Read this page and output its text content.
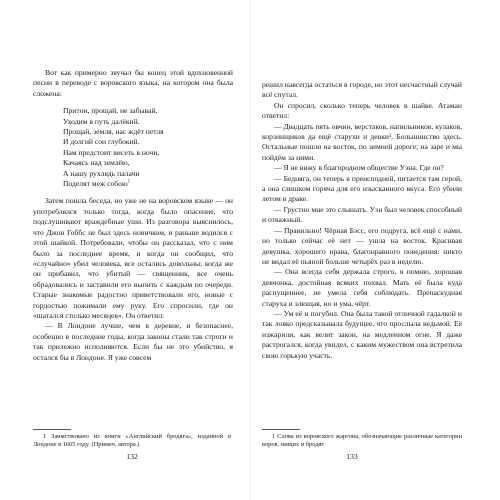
Вот как примерно звучал бы конец этой вдохновенной песни в переводе с воровского языка, на котором она была сложена:

Притон, прощай, не забывай,
Уходим в путь далёкий.
Прощай, земля, нас ждёт петля
И долгий сон глубокий.
Нам предстоит висеть в ночи,
Качаясь над землёю,
А нашу рухлядь палачи
Поделят меж собою$^1$

Затем пошла беседа, но уже не на воровском языке — он употреблялся только тогда, когда было опасение, что подслушивают враждебные уши. Из разговора выяснилось, что Джон Гоббс не был здесь новичком, и раньше водился с этой шайкой. Потребовали, чтобы он рассказал, что с ним было за последнее время, и когда он сообщил, что «случайно» убил человека, все остались довольны; когда же он прибавил, что убитый — священник, все очень обрадовались и заставили его выпить с каждым по очереди. Старые знакомые радостно приветствовали его, новые с гордостью пожимали ему руку. Его спросили, где он «шатался столько месяцев». Он ответил:

— В Лондоне лучше, чем в деревне, и безопаснее, особенно в последние годы, когда законы стали так строги и так прилежно исполняются. Если бы не это убийство, я остался бы в Лондоне. Я уже совсем

1 Заимствовано из книги «Английский бродяга», изданной в Лондоне в 1665 году. (Примеч. автора.)
132

решил навсегда остаться в городе, но этот несчастный случай всё спутал.

Он спросил, сколько теперь человек в шайке. Атаман ответил:

— Двадцать пять овчин, верстаков, напильников, кулаков, корзинщиков да ещё старухи и девки¹. Большинство здесь. Остальные пошли на восток, по зимней дороге; на заре и мы пойдём за ними.

— Я не вижу в благородном обществе Уэна. Где он?

— Бедняга, он теперь в преисподней, питается там серой, а она слишком горяча для его изысканного вкуса. Его убили летом в драке.

— Грустно мне это слышать. Уэн был человек способный и отважный.

— Правильно! Чёрная Бэсс, его подруга, всё ещё с нами, но только сейчас её нет — ушла на восток. Красивая девушка, хорошего нрава, благонравного поведения: никто не видал её пьяной больше четырёх раз в неделю.

— Она всегда себя держала строго, я помню, хорошая девчонка, достойная всяких похвал. Мать её была куда распущеннее, не умела себя соблюдать. Препаскудная старуха и злющая, но и ума, чёрт.

— Ум её и погубил. Она была такой отличной гадалкой и так ловко предсказывала будущее, что прослыла ведьмой. Её изжарили, как велит закон, на медленном огне. Я даже растрогался, когда увидел, с каким мужеством она встретила свою горькую участь.

1 Слова из воровского жаргона, обозначающие различные категории воров, нищих и бродяг.
133
